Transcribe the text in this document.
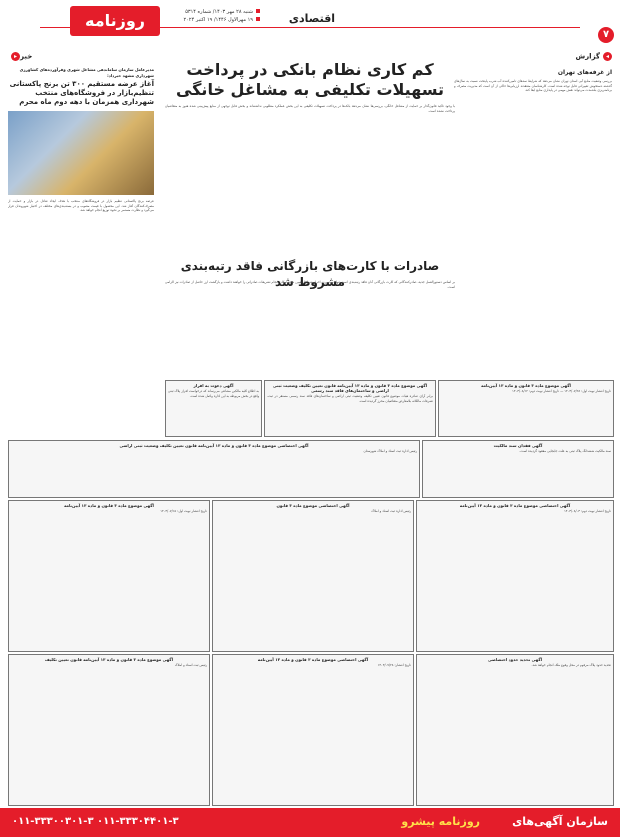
۷
اقتصادی
روزنامه پیشرو
شنبه ۲۸ مهر ۱۴۰۳/ شماره ۵۳۱۴
۱۹ مهرالاول ۱۴۴۶/ ۱۹ اکتبر ۲۰۲۴
◂گزارش
از غرفه‌های تهران
بررسی وضعیت منابع آبی استان تهران نشان می‌دهد که شرایط سدهای تامین‌کننده آب شرب پایتخت نسبت به سال‌های گذشته دستخوش تغییراتی قابل توجه شده است. کارشناسان معتقدند ارزیابی‌ها حاکی از آن است که مدیریت مصرف و برنامه‌ریزی بلندمدت می‌تواند نقش مهمی در پایداری منابع ایفا کند.
خبر▸
مدیرعامل سازمان ساماندهی مشاغل شهری وفرآورده‌های کشاورزی شهرداری مشهد خبرداد:
آغاز عرضه مستقیم ۳۰۰ تن برنج پاکستانی تنظیم‌بازار در فروشگاه‌های منتخب شهرداری همزمان با دهه دوم ماه محرم
عرضه برنج پاکستانی تنظیم بازار در فروشگاه‌های منتخب با هدف ایجاد تعادل در بازار و حمایت از مصرف‌کنندگان آغاز شد. این محصول با قیمت مصوب و در بسته‌بندی‌های مختلف در اختیار شهروندان قرار می‌گیرد و نظارت مستمر بر نحوه توزیع انجام خواهد شد.
کم کاری نظام بانکی در پرداخت تسهیلات تکلیفی به مشاغل خانگی
با وجود تاکید قانون‌گذار بر حمایت از مشاغل خانگی، بررسی‌ها نشان می‌دهد بانک‌ها در پرداخت تسهیلات تکلیفی به این بخش عملکرد مطلوبی نداشته‌اند و بخش قابل توجهی از منابع پیش‌بینی شده هنوز به متقاضیان پرداخت نشده است.
صادرات با کارت‌های بازرگانی فاقد رتبه‌بندی مشروط شد
بر اساس دستورالعمل جدید، صادرکنندگانی که کارت بازرگانی آنان فاقد رتبه‌بندی است تنها در صورت احراز شرایط تعیین شده امکان انجام تشریفات صادراتی را خواهند داشت و بازگشت ارز حاصل از صادرات نیز الزامی است.
آگهی دعوت به افراز
به اطلاع کلیه مالکین مشاعی می‌رساند که درخواست افراز پلاک ثبتی واقع در بخش مربوطه به این اداره واصل شده است.
آگهی موضوع ماده ۳ قانون و ماده ۱۳ آیین‌نامه قانون تعیین تکلیف وضعیت ثبتی اراضی و ساختمان‌های فاقد سند رسمی
برابر آرای صادره هیات موضوع قانون تعیین تکلیف وضعیت ثبتی اراضی و ساختمان‌های فاقد سند رسمی مستقر در ثبت، تصرفات مالکانه بلامعارض متقاضیان محرز گردیده است.
آگهی موضوع ماده ۳ قانون و ماده ۱۳ آیین‌نامه
تاریخ انتشار نوبت اول: ۱۴۰۳/۰۷/۲۸ — تاریخ انتشار نوبت دوم: ۱۴۰۳/۰۸/۱۲
آگهی اختصاصی موضوع ماده ۳ قانون و ماده ۱۳ آیین‌نامه قانون تعیین تکلیف وضعیت ثبتی اراضی
رئیس اداره ثبت اسناد و املاک شهرستان
آگهی فقدان سند مالکیت
سند مالکیت ششدانگ پلاک ثبتی به علت جابجایی مفقود گردیده است.
آگهی موضوع ماده ۳ قانون و ماده ۱۳ آیین‌نامه
تاریخ انتشار نوبت اول: ۱۴۰۳/۰۷/۱۵
آگهی اختصاصی موضوع ماده ۳ قانون
رئیس اداره ثبت اسناد و املاک
آگهی اختصاصی موضوع ماده ۳ قانون و ماده ۱۳ آیین‌نامه
تاریخ انتشار نوبت دوم: ۱۴۰۳/۰۸/۰۳
آگهی موضوع ماده ۳ قانون و ماده ۱۳ آیین‌نامه قانون تعیین تکلیف
رئیس ثبت اسناد و املاک
آگهی اختصاصی موضوع ماده ۳ قانون و ماده ۱۳ آیین‌نامه
تاریخ انتشار: ۱۴۰۳/۰۷/۲۸
آگهی تحدید حدود اختصاصی
تحدید حدود پلاک مرقوم در محل وقوع ملک انجام خواهد شد.
سازمان آگهی‌های
روزنامه پیشرو
۰۱۱-۳۳۳۰۰۳۰۱-۳ ۰۱۱-۳۳۳۰۴۴۰۱-۳
